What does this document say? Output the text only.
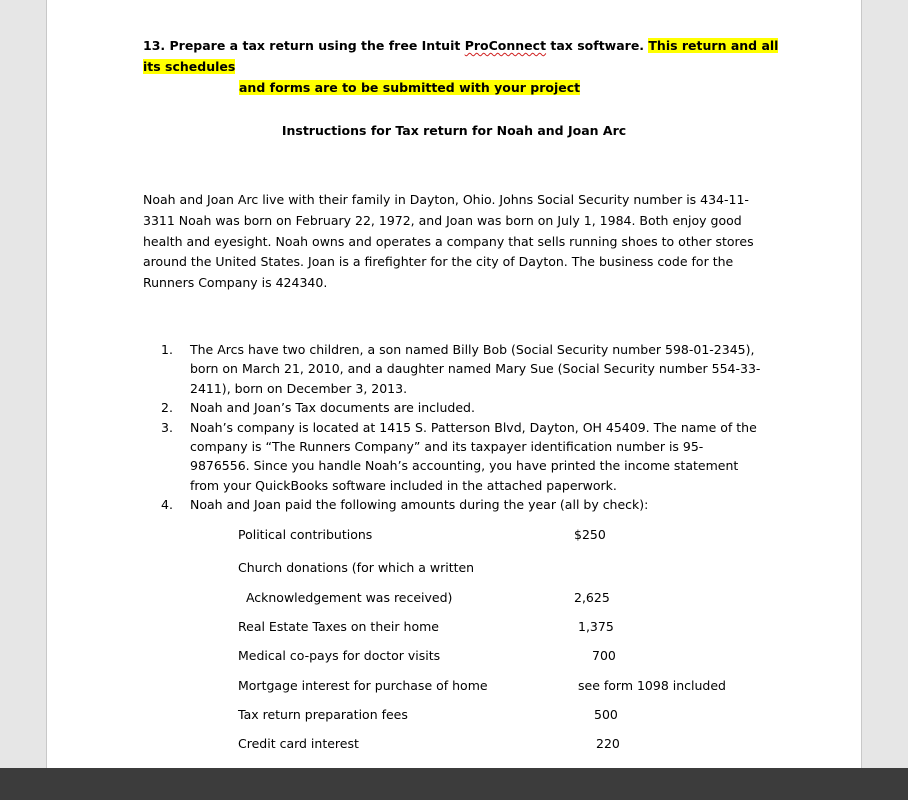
13. Prepare a tax return using the free Intuit ProConnect tax software. This return and all its schedules
and forms are to be submitted with your project
Instructions for Tax return for Noah and Joan Arc
Noah and Joan Arc live with their family in Dayton, Ohio. Johns Social Security number is 434-11-3311 Noah was born on February 22, 1972, and Joan was born on July 1, 1984. Both enjoy good health and eyesight. Noah owns and operates a company that sells running shoes to other stores around the United States. Joan is a firefighter for the city of Dayton. The business code for the Runners Company is 424340.
1. The Arcs have two children, a son named Billy Bob (Social Security number 598-01-2345), born on March 21, 2010, and a daughter named Mary Sue (Social Security number 554-33-2411), born on December 3, 2013.
2. Noah and Joan’s Tax documents are included.
3. Noah’s company is located at 1415 S. Patterson Blvd, Dayton, OH 45409. The name of the company is “The Runners Company” and its taxpayer identification number is 95-9876556. Since you handle Noah’s accounting, you have printed the income statement from your QuickBooks software included in the attached paperwork.
4. Noah and Joan paid the following amounts during the year (all by check):
Political contributions	$250
Church donations (for which a written
Acknowledgement was received)	2,625
Real Estate Taxes on their home	1,375
Medical co-pays for doctor visits	700
Mortgage interest for purchase of home	see form 1098 included
Tax return preparation fees	500
Credit card interest	220
